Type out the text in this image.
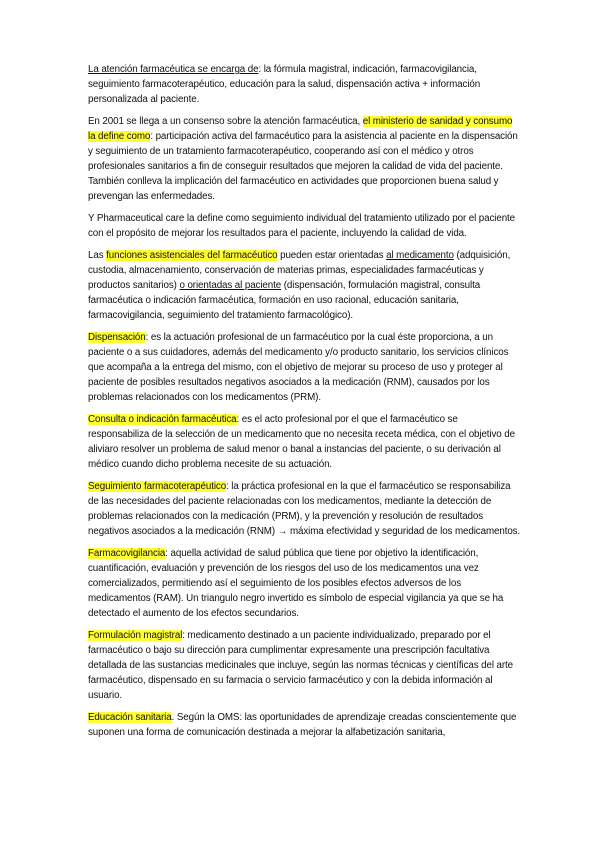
La atención farmacéutica se encarga de: la fórmula magistral, indicación, farmacovigilancia, seguimiento farmacoterapéutico, educación para la salud, dispensación activa + información personalizada al paciente.

En 2001 se llega a un consenso sobre la atención farmacéutica, el ministerio de sanidad y consumo la define como: participación activa del farmacéutico para la asistencia al paciente en la dispensación y seguimiento de un tratamiento farmacoterapéutico, cooperando así con el médico y otros profesionales sanitarios a fin de conseguir resultados que mejoren la calidad de vida del paciente. También conlleva la implicación del farmacéutico en actividades que proporcionen buena salud y prevengan las enfermedades.

Y Pharmaceutical care la define como seguimiento individual del tratamiento utilizado por el paciente con el propósito de mejorar los resultados para el paciente, incluyendo la calidad de vida.

Las funciones asistenciales del farmacéutico pueden estar orientadas al medicamento (adquisición, custodia, almacenamiento, conservación de materias primas, especialidades farmacéuticas y productos sanitarios) o orientadas al paciente (dispensación, formulación magistral, consulta farmacéutica o indicación farmacéutica, formación en uso racional, educación sanitaria, farmacovigilancia, seguimiento del tratamiento farmacológico).

Dispensación: es la actuación profesional de un farmacéutico por la cual éste proporciona, a un paciente o a sus cuidadores, además del medicamento y/o producto sanitario, los servicios clínicos que acompaña a la entrega del mismo, con el objetivo de mejorar su proceso de uso y proteger al paciente de posibles resultados negativos asociados a la medicación (RNM), causados por los problemas relacionados con los medicamentos (PRM).

Consulta o indicación farmacéutica: es el acto profesional por el que el farmacéutico se responsabiliza de la selección de un medicamento que no necesita receta médica, con el objetivo de aliviaro resolver un problema de salud menor o banal a instancias del paciente, o su derivación al médico cuando dicho problema necesite de su actuación.

Seguimiento farmacoterapéutico: la práctica profesional en la que el farmacéutico se responsabiliza de las necesidades del paciente relacionadas con los medicamentos, mediante la detección de problemas relacionados con la medicación (PRM), y la prevención y resolución de resultados negativos asociados a la medicación (RNM) → máxima efectividad y seguridad de los medicamentos.

Farmacovigilancia: aquella actividad de salud pública que tiene por objetivo la identificación, cuantificación, evaluación y prevención de los riesgos del uso de los medicamentos una vez comercializados, permitiendo así el seguimiento de los posibles efectos adversos de los medicamentos (RAM). Un triangulo negro invertido es símbolo de especial vigilancia ya que se ha detectado el aumento de los efectos secundarios.

Formulación magistral: medicamento destinado a un paciente individualizado, preparado por el farmacéutico o bajo su dirección para cumplimentar expresamente una prescripción facultativa detallada de las sustancias medicinales que incluye, según las normas técnicas y científicas del arte farmacéutico, dispensado en su farmacia o servicio farmacéutico y con la debida información al usuario.

Educación sanitaria. Según la OMS: las oportunidades de aprendizaje creadas conscientemente que suponen una forma de comunicación destinada a mejorar la alfabetización sanitaria,
